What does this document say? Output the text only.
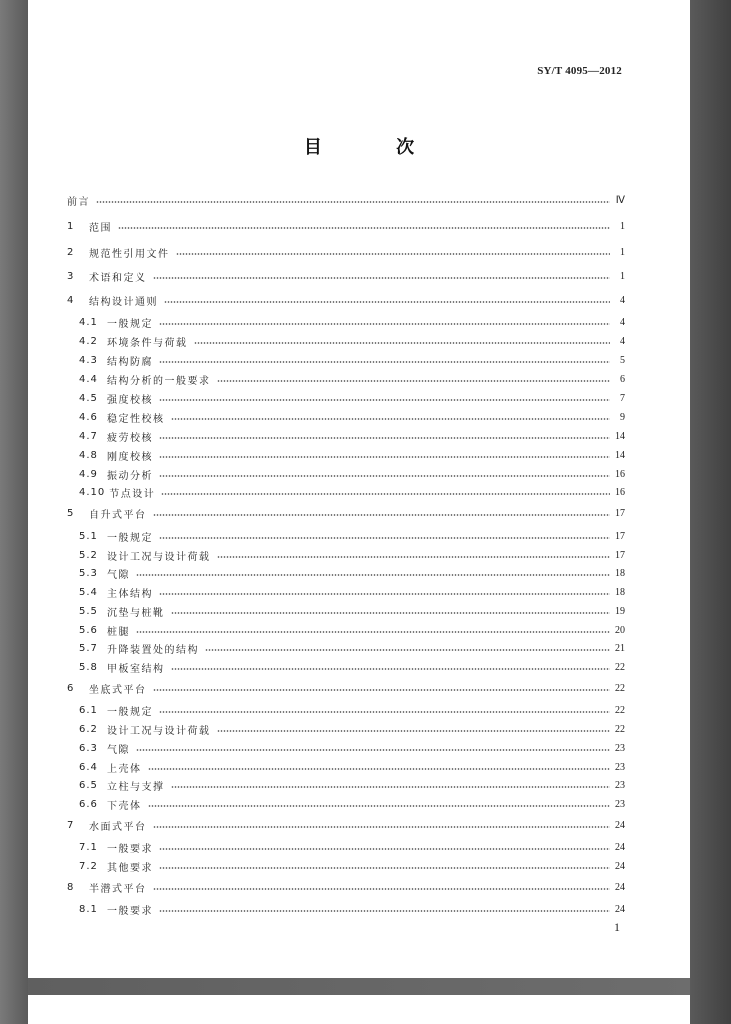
SY/T 4095—2012
目 次
前言	Ⅳ
1	范围	1
2	规范性引用文件	1
3	术语和定义	1
4	结构设计通则	4
4.1 一般规定	4
4.2 环境条件与荷载	4
4.3 结构防腐	5
4.4 结构分析的一般要求	6
4.5 强度校核	7
4.6 稳定性校核	9
4.7 疲劳校核	14
4.8 刚度校核	14
4.9 振动分析	16
4.10 节点设计	16
5	自升式平台	17
5.1 一般规定	17
5.2 设计工况与设计荷载	17
5.3 气隙	18
5.4 主体结构	18
5.5 沉垫与桩靴	19
5.6 桩腿	20
5.7 升降装置处的结构	21
5.8 甲板室结构	22
6	坐底式平台	22
6.1 一般规定	22
6.2 设计工况与设计荷载	22
6.3 气隙	23
6.4 上壳体	23
6.5 立柱与支撑	23
6.6 下壳体	23
7	水面式平台	24
7.1 一般要求	24
7.2 其他要求	24
8	半潜式平台	24
8.1 一般要求	24
1
